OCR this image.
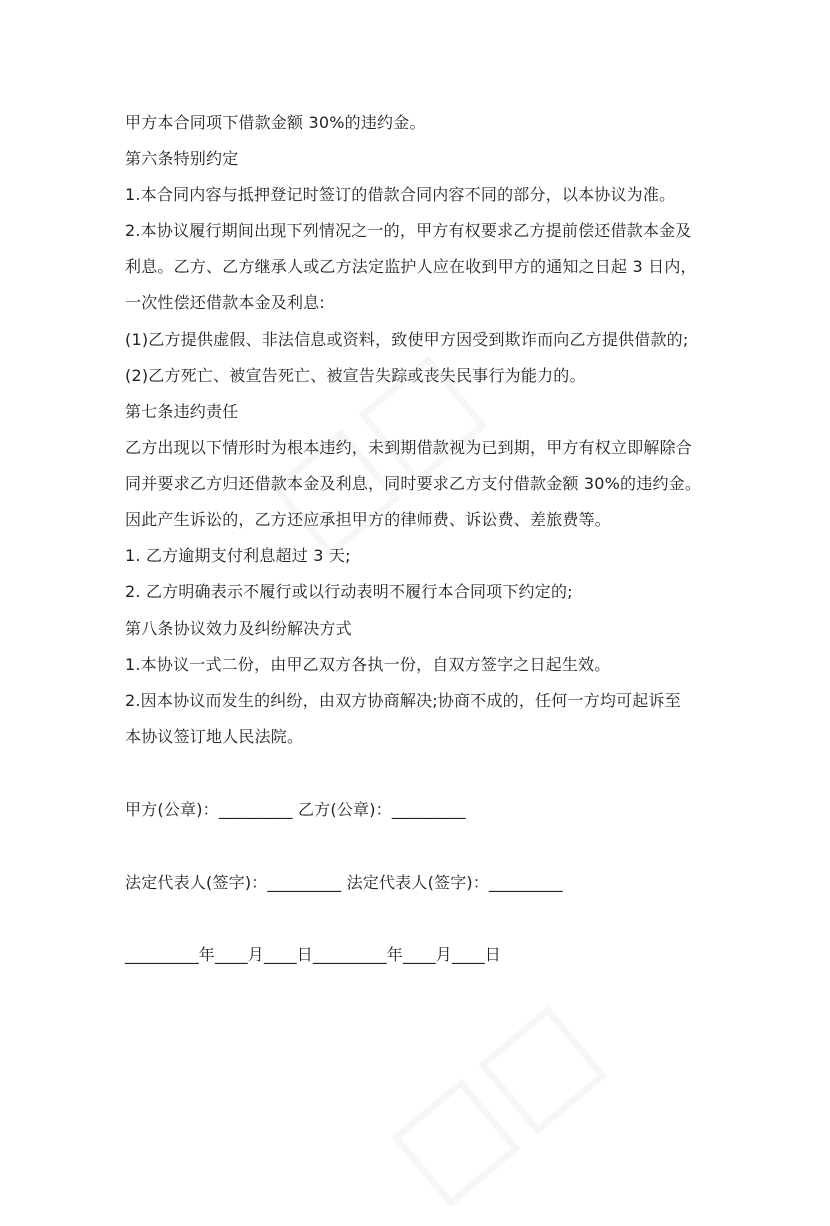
甲方本合同项下借款金额 30%的违约金。
第六条特别约定
1.本合同内容与抵押登记时签订的借款合同内容不同的部分，以本协议为准。
2.本协议履行期间出现下列情况之一的，甲方有权要求乙方提前偿还借款本金及
利息。乙方、乙方继承人或乙方法定监护人应在收到甲方的通知之日起 3 日内，
一次性偿还借款本金及利息:
(1)乙方提供虚假、非法信息或资料，致使甲方因受到欺诈而向乙方提供借款的;
(2)乙方死亡、被宣告死亡、被宣告失踪或丧失民事行为能力的。
第七条违约责任
乙方出现以下情形时为根本违约，未到期借款视为已到期，甲方有权立即解除合
同并要求乙方归还借款本金及利息，同时要求乙方支付借款金额 30%的违约金。
因此产生诉讼的，乙方还应承担甲方的律师费、诉讼费、差旅费等。
1. 乙方逾期支付利息超过 3 天;
2. 乙方明确表示不履行或以行动表明不履行本合同项下约定的;
第八条协议效力及纠纷解决方式
1.本协议一式二份，由甲乙双方各执一份，自双方签字之日起生效。
2.因本协议而发生的纠纷，由双方协商解决;协商不成的，任何一方均可起诉至
本协议签订地人民法院。
甲方(公章)：_________ 乙方(公章)：_________
法定代表人(签字)：_________ 法定代表人(签字)：_________
_________年____月____日_________年____月____日
